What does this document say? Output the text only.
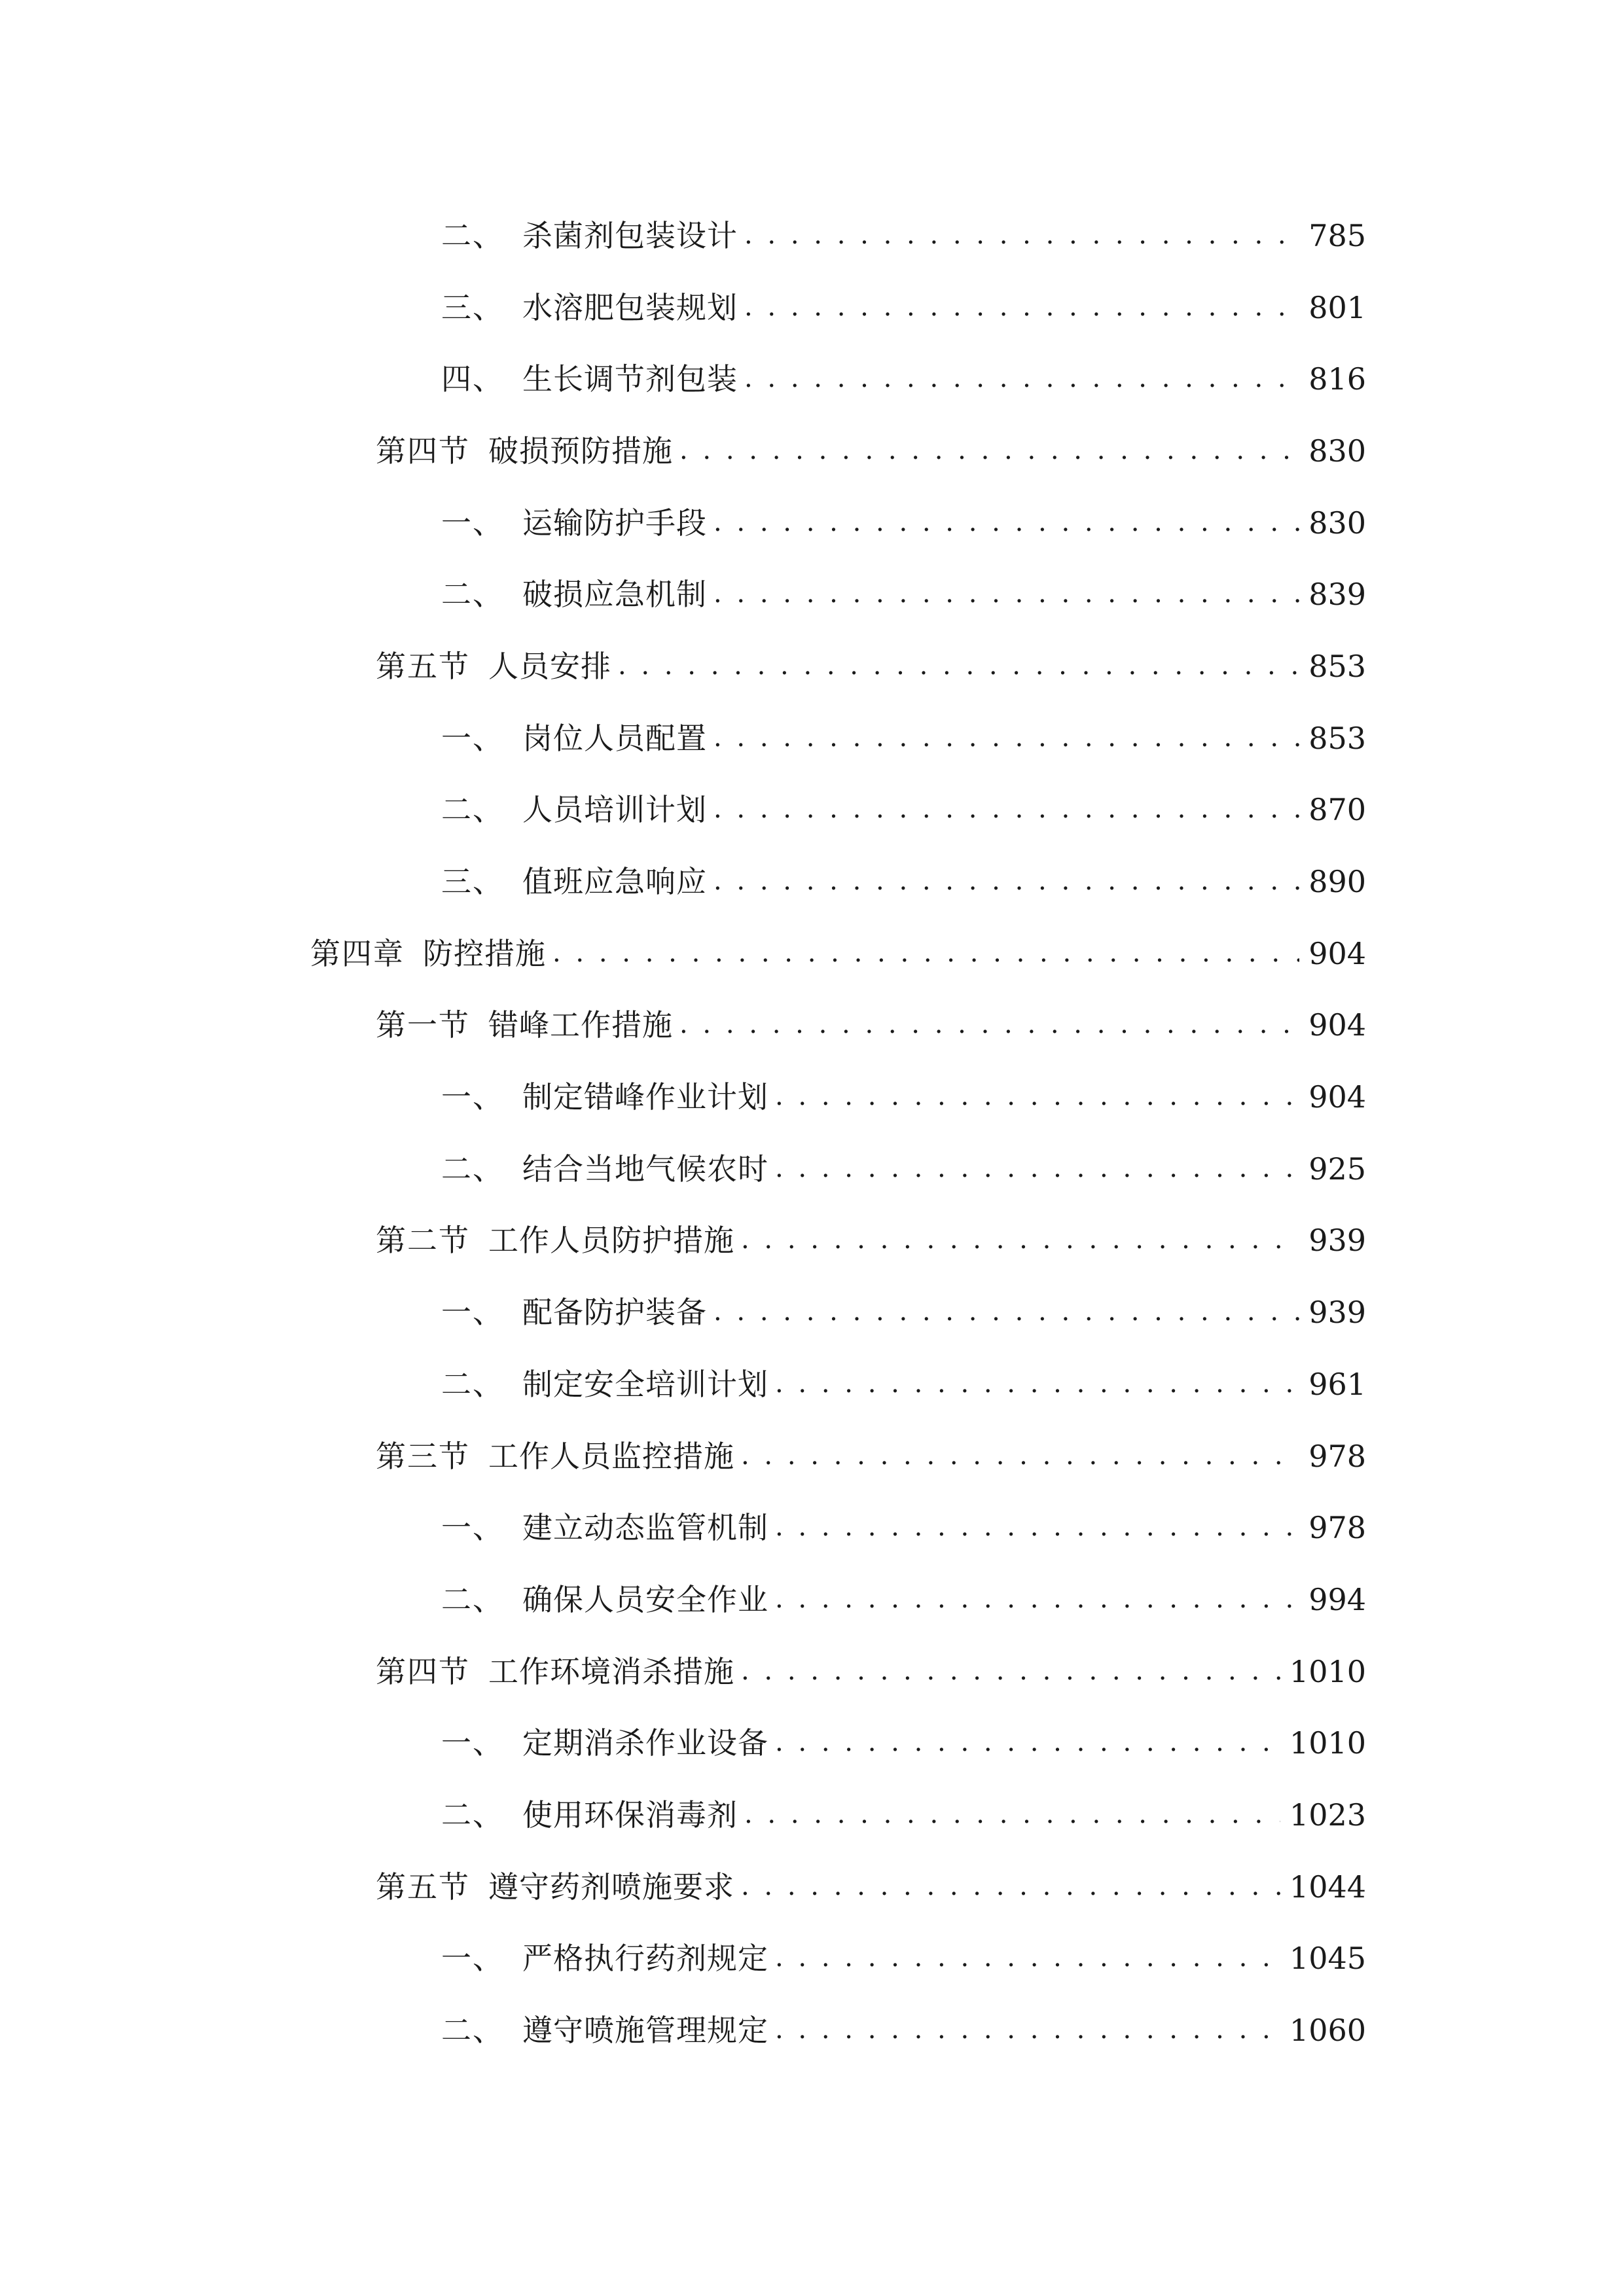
二、 杀菌剂包装设计 . . .	785
三、 水溶肥包装规划 . . .	801
四、 生长调节剂包装 . . .	816
第四节 破损预防措施 . . .	830
一、 运输防护手段 . . .	830
二、 破损应急机制 . . .	839
第五节 人员安排 . . .	853
一、 岗位人员配置 . . .	853
二、 人员培训计划 . . .	870
三、 值班应急响应 . . .	890
第四章 防控措施 . . .	904
第一节 错峰工作措施 . . .	904
一、 制定错峰作业计划 . . .	904
二、 结合当地气候农时 . . .	925
第二节 工作人员防护措施 . . .	939
一、 配备防护装备 . . .	939
二、 制定安全培训计划 . . .	961
第三节 工作人员监控措施 . . .	978
一、 建立动态监管机制 . . .	978
二、 确保人员安全作业 . . .	994
第四节 工作环境消杀措施 . . .	1010
一、 定期消杀作业设备 . . .	1010
二、 使用环保消毒剂 . . .	1023
第五节 遵守药剂喷施要求 . . .	1044
一、 严格执行药剂规定 . . .	1045
二、 遵守喷施管理规定 . . .	1060
